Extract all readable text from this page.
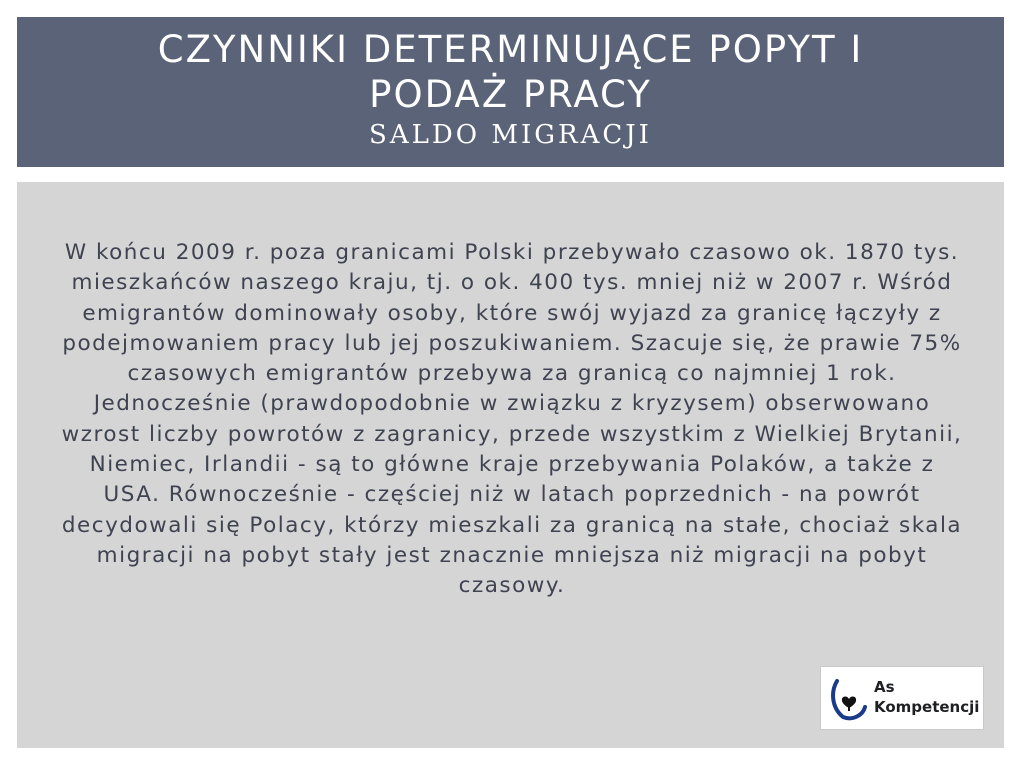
CZYNNIKI DETERMINUJĄCE POPYT I PODAŻ PRACY
SALDO MIGRACJI

W końcu 2009 r. poza granicami Polski przebywało czasowo ok. 1870 tys. mieszkańców naszego kraju, tj. o ok. 400 tys. mniej niż w 2007 r. Wśród emigrantów dominowały osoby, które swój wyjazd za granicę łączyły z podejmowaniem pracy lub jej poszukiwaniem. Szacuje się, że prawie 75% czasowych emigrantów przebywa za granicą co najmniej 1 rok. Jednocześnie (prawdopodobnie w związku z kryzysem) obserwowano wzrost liczby powrotów z zagranicy, przede wszystkim z Wielkiej Brytanii, Niemiec, Irlandii - są to główne kraje przebywania Polaków, a także z USA. Równocześnie - częściej niż w latach poprzednich - na powrót decydowali się Polacy, którzy mieszkali za granicą na stałe, chociaż skala migracji na pobyt stały jest znacznie mniejsza niż migracji na pobyt czasowy.

As
Kompetencji
